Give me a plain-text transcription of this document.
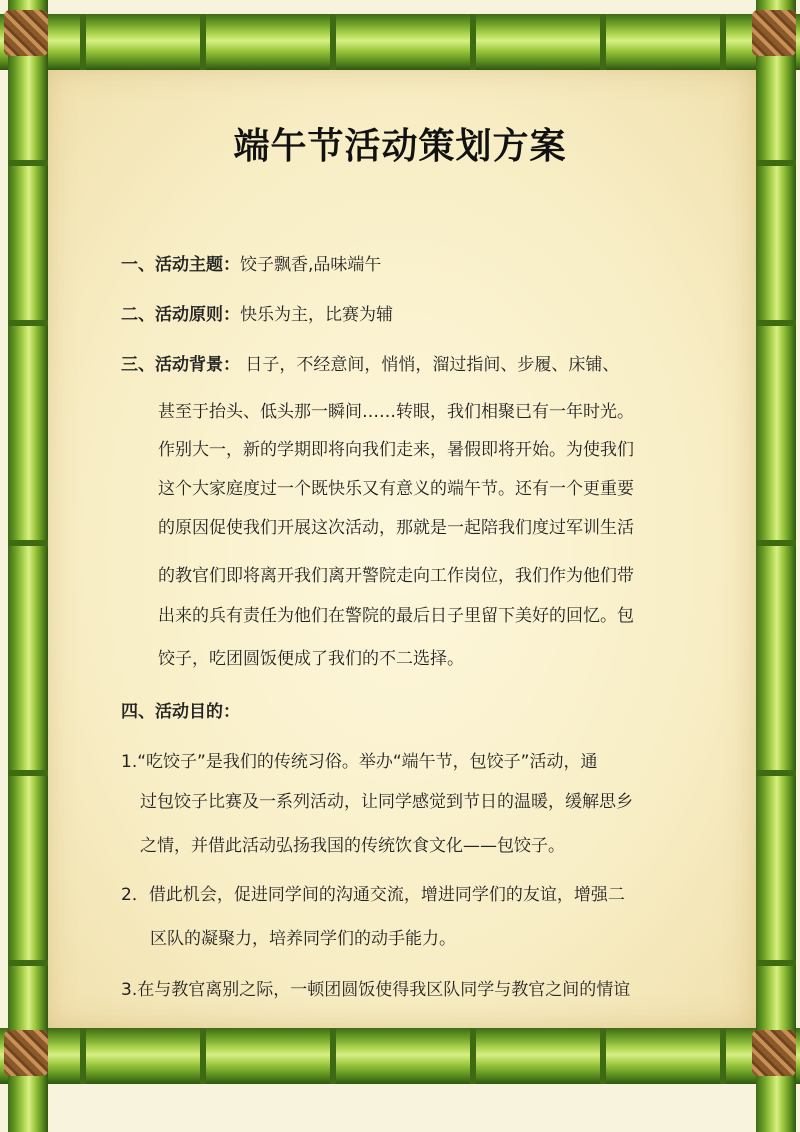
端午节活动策划方案
一、活动主题：饺子飘香,品味端午
二、活动原则：快乐为主，比赛为辅
三、活动背景： 日子，不经意间，悄悄，溜过指间、步履、床铺、
甚至于抬头、低头那一瞬间……转眼，我们相聚已有一年时光。
作别大一，新的学期即将向我们走来，暑假即将开始。为使我们
这个大家庭度过一个既快乐又有意义的端午节。还有一个更重要
的原因促使我们开展这次活动，那就是一起陪我们度过军训生活
的教官们即将离开我们离开警院走向工作岗位，我们作为他们带
出来的兵有责任为他们在警院的最后日子里留下美好的回忆。包
饺子，吃团圆饭便成了我们的不二选择。
四、活动目的：
1.“吃饺子”是我们的传统习俗。举办“端午节，包饺子”活动，通
过包饺子比赛及一系列活动，让同学感觉到节日的温暖，缓解思乡
之情，并借此活动弘扬我国的传统饮食文化——包饺子。
2．借此机会，促进同学间的沟通交流，增进同学们的友谊，增强二
区队的凝聚力，培养同学们的动手能力。
3.在与教官离别之际，一顿团圆饭使得我区队同学与教官之间的情谊
